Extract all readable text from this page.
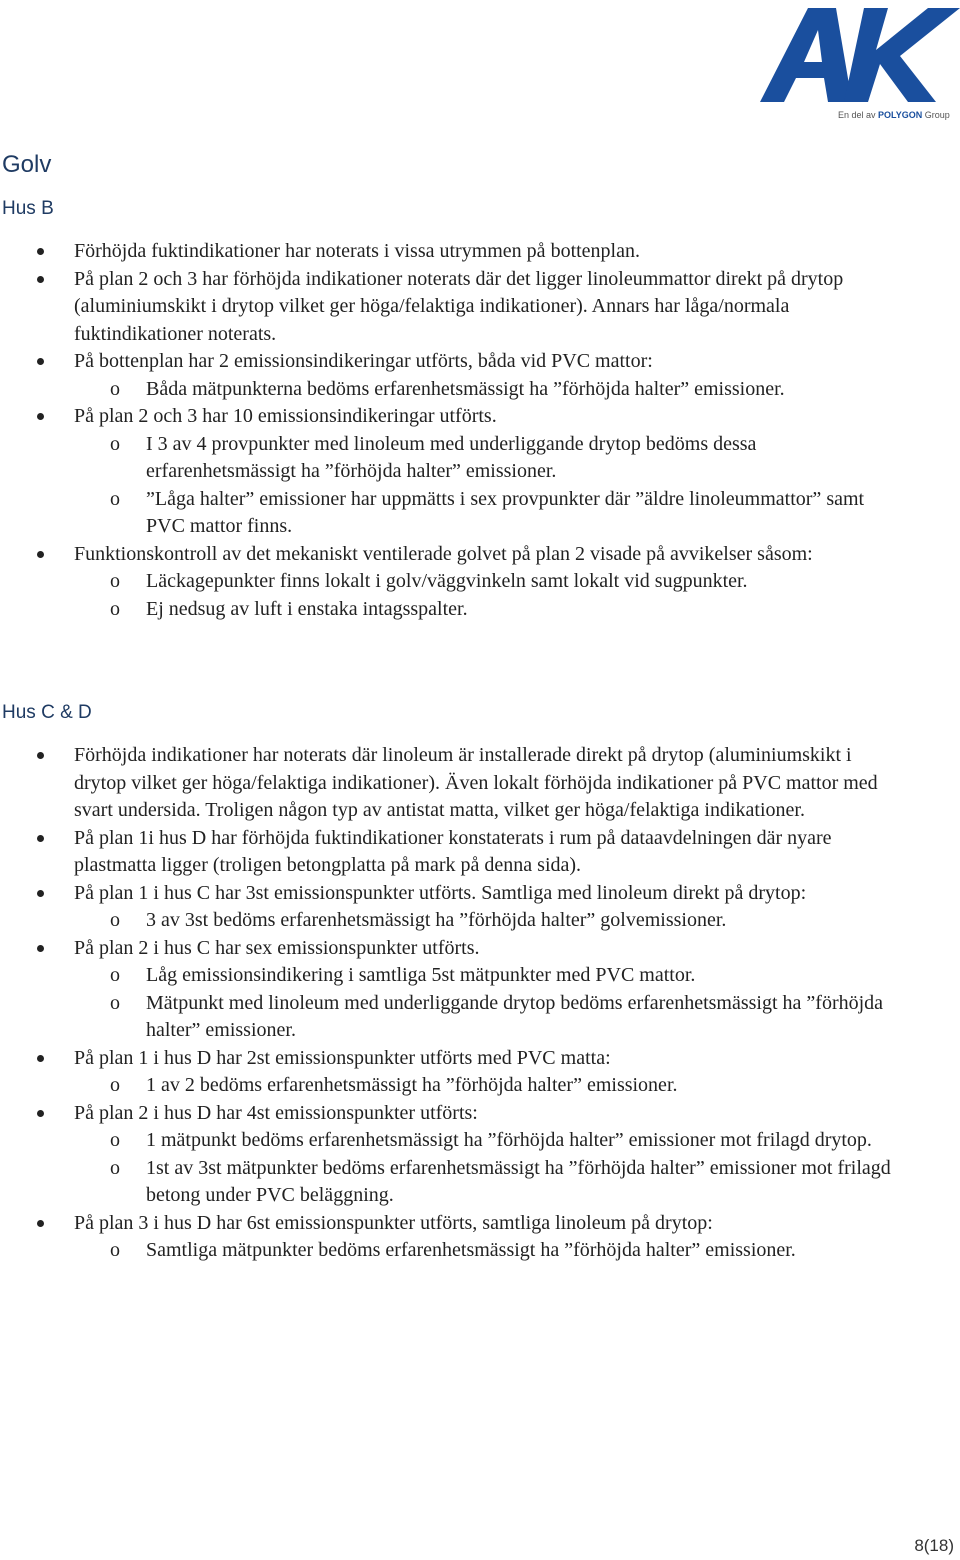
En del av POLYGON Group
Golv
Hus B
Förhöjda fuktindikationer har noterats i vissa utrymmen på bottenplan.
På plan 2 och 3 har förhöjda indikationer noterats där det ligger linoleummattor direkt på drytop (aluminiumskikt i drytop vilket ger höga/felaktiga indikationer). Annars har låga/normala fuktindikationer noterats.
På bottenplan har 2 emissionsindikeringar utförts, båda vid PVC mattor:
o Båda mätpunkterna bedöms erfarenhetsmässigt ha ”förhöjda halter” emissioner.
På plan 2 och 3 har 10 emissionsindikeringar utförts.
o I 3 av 4 provpunkter med linoleum med underliggande drytop bedöms dessa erfarenhetsmässigt ha ”förhöjda halter” emissioner.
o ”Låga halter” emissioner har uppmätts i sex provpunkter där ”äldre linoleummattor” samt PVC mattor finns.
Funktionskontroll av det mekaniskt ventilerade golvet på plan 2 visade på avvikelser såsom:
o Läckagepunkter finns lokalt i golv/väggvinkeln samt lokalt vid sugpunkter.
o Ej nedsug av luft i enstaka intagsspalter.
Hus C & D
Förhöjda indikationer har noterats där linoleum är installerade direkt på drytop (aluminiumskikt i drytop vilket ger höga/felaktiga indikationer). Även lokalt förhöjda indikationer på PVC mattor med svart undersida. Troligen någon typ av antistat matta, vilket ger höga/felaktiga indikationer.
På plan 1i hus D har förhöjda fuktindikationer konstaterats i rum på dataavdelningen där nyare plastmatta ligger (troligen betongplatta på mark på denna sida).
På plan 1 i hus C har 3st emissionspunkter utförts. Samtliga med linoleum direkt på drytop:
o 3 av 3st bedöms erfarenhetsmässigt ha ”förhöjda halter” golvemissioner.
På plan 2 i hus C har sex emissionspunkter utförts.
o Låg emissionsindikering i samtliga 5st mätpunkter med PVC mattor.
o Mätpunkt med linoleum med underliggande drytop bedöms erfarenhetsmässigt ha ”förhöjda halter” emissioner.
På plan 1 i hus D har 2st emissionspunkter utförts med PVC matta:
o 1 av 2 bedöms erfarenhetsmässigt ha ”förhöjda halter” emissioner.
På plan 2 i hus D har 4st emissionspunkter utförts:
o 1 mätpunkt bedöms erfarenhetsmässigt ha ”förhöjda halter” emissioner mot frilagd drytop.
o 1st av 3st mätpunkter bedöms erfarenhetsmässigt ha ”förhöjda halter” emissioner mot frilagd betong under PVC beläggning.
På plan 3 i hus D har 6st emissionspunkter utförts, samtliga linoleum på drytop:
o Samtliga mätpunkter bedöms erfarenhetsmässigt ha ”förhöjda halter” emissioner.
8(18)
